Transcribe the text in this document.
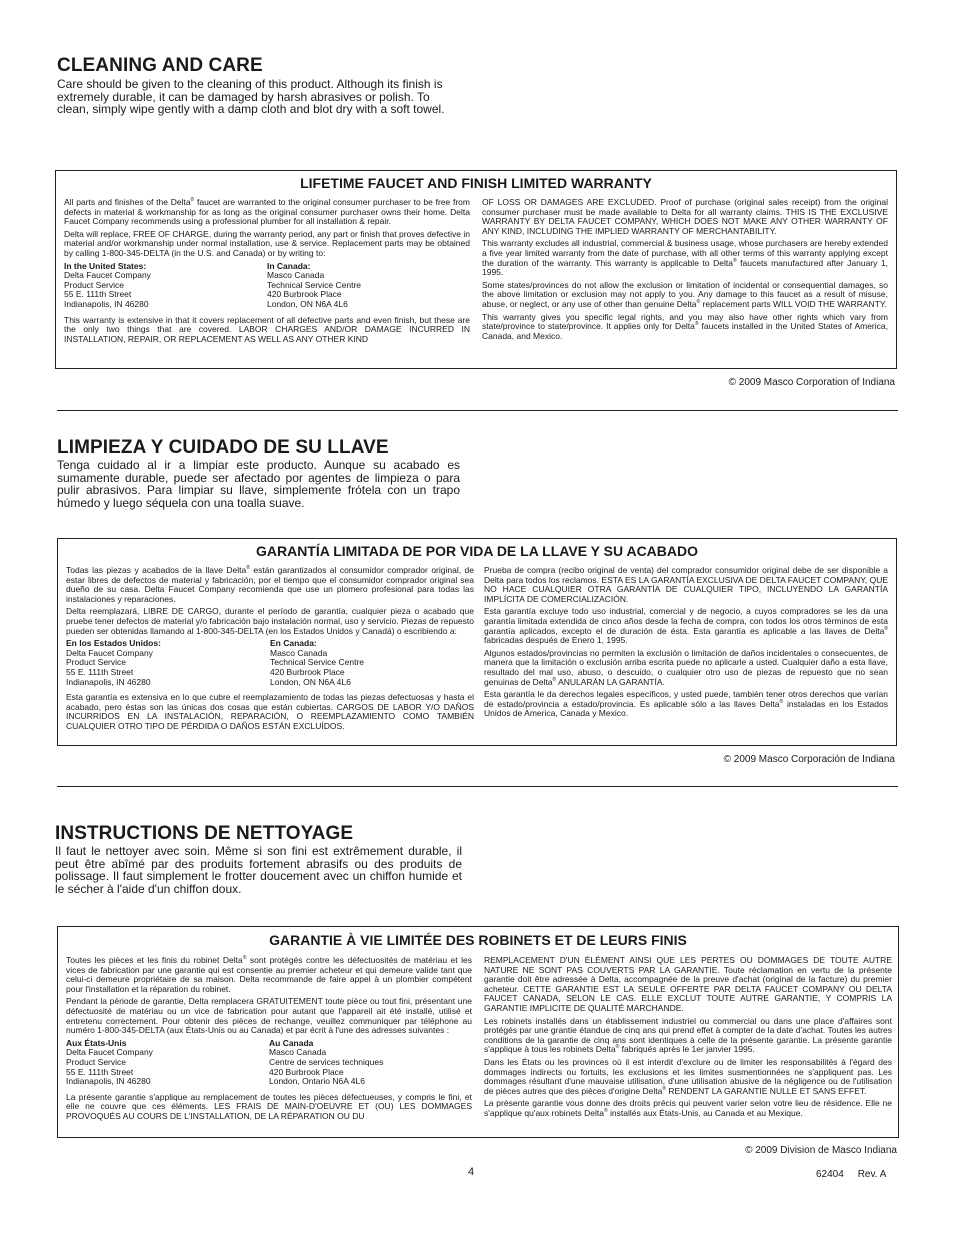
CLEANING AND CARE

Care should be given to the cleaning of this product. Although its finish is extremely durable, it can be damaged by harsh abrasives or polish. To clean, simply wipe gently with a damp cloth and blot dry with a soft towel.

LIFETIME FAUCET AND FINISH LIMITED WARRANTY

All parts and finishes of the Delta® faucet are warranted to the original consumer purchaser to be free from defects in material & workmanship for as long as the original consumer purchaser owns their home. Delta Faucet Company recommends using a professional plumber for all installation & repair.

Delta will replace, FREE OF CHARGE, during the warranty period, any part or finish that proves defective in material and/or workmanship under normal installation, use & service. Replacement parts may be obtained by calling 1-800-345-DELTA (in the U.S. and Canada) or by writing to:

In the United States:
Delta Faucet Company
Product Service
55 E. 111th Street
Indianapolis, IN 46280
In Canada:
Masco Canada
Technical Service Centre
420 Burbrook Place
London, ON N6A 4L6

This warranty is extensive in that it covers replacement of all defective parts and even finish, but these are the only two things that are covered. LABOR CHARGES AND/OR DAMAGE INCURRED IN INSTALLATION, REPAIR, OR REPLACEMENT AS WELL AS ANY OTHER KIND

OF LOSS OR DAMAGES ARE EXCLUDED. Proof of purchase (original sales receipt) from the original consumer purchaser must be made available to Delta for all warranty claims. THIS IS THE EXCLUSIVE WARRANTY BY DELTA FAUCET COMPANY, WHICH DOES NOT MAKE ANY OTHER WARRANTY OF ANY KIND, INCLUDING THE IMPLIED WARRANTY OF MERCHANTABILITY.

This warranty excludes all industrial, commercial & business usage, whose purchasers are hereby extended a five year limited warranty from the date of purchase, with all other terms of this warranty applying except the duration of the warranty. This warranty is applicable to Delta® faucets manufactured after January 1, 1995.

Some states/provinces do not allow the exclusion or limitation of incidental or consequential damages, so the above limitation or exclusion may not apply to you. Any damage to this faucet as a result of misuse, abuse, or neglect, or any use of other than genuine Delta® replacement parts WILL VOID THE WARRANTY.

This warranty gives you specific legal rights, and you may also have other rights which vary from state/province to state/province. It applies only for Delta® faucets installed in the United States of America, Canada, and Mexico.

© 2009 Masco Corporation of Indiana
LIMPIEZA Y CUIDADO DE SU LLAVE

Tenga cuidado al ir a limpiar este producto. Aunque su acabado es sumamente durable, puede ser afectado por agentes de limpieza o para pulir abrasivos. Para limpiar su llave, simplemente frótela con un trapo húmedo y luego séquela con una toalla suave.

GARANTÍA LIMITADA DE POR VIDA DE LA LLAVE Y SU ACABADO

Todas las piezas y acabados de la llave Delta® están garantizados al consumidor comprador original, de estar libres de defectos de material y fabricación, por el tiempo que el consumidor comprador original sea dueño de su casa. Delta Faucet Company recomienda que use un plomero profesional para todas las instalaciones y reparaciones.

Delta reemplazará, LIBRE DE CARGO, durante el período de garantía, cualquier pieza o acabado que pruebe tener defectos de material y/o fabricación bajo instalación normal, uso y servicio. Piezas de repuesto pueden ser obtenidas llamando al 1-800-345-DELTA (en los Estados Unidos y Canadá) o escribiendo a:

En los Estados Unidos:
Delta Faucet Company
Product Service
55 E. 111th Street
Indianapolis, IN 46280
En Canada:
Masco Canada
Technical Service Centre
420 Burbrook Place
London, ON N6A 4L6

Esta garantía es extensiva en lo que cubre el reemplazamiento de todas las piezas defectuosas y hasta el acabado, pero éstas son las únicas dos cosas que están cubiertas. CARGOS DE LABOR Y/O DAÑOS INCURRIDOS EN LA INSTALACIÓN, REPARACIÓN, O REEMPLAZAMIENTO COMO TAMBIÉN CUALQUIER OTRO TIPO DE PÉRDIDA O DAÑOS ESTÁN EXCLUÍDOS.

Prueba de compra (recibo original de venta) del comprador consumidor original debe de ser disponible a Delta para todos los reclamos. ESTA ES LA GARANTÍA EXCLUSIVA DE DELTA FAUCET COMPANY, QUE NO HACE CUALQUIER OTRA GARANTÍA DE CUALQUIER TIPO, INCLUYENDO LA GARANTÍA IMPLÍCITA DE COMERCIALIZACIÓN.

Esta garantía excluye todo uso industrial, comercial y de negocio, a cuyos compradores se les da una garantía limitada extendida de cinco años desde la fecha de compra, con todos los otros términos de esta garantía aplicados, excepto el de duración de ésta. Esta garantía es aplicable a las llaves de Delta® fabricadas después de Enero 1, 1995.

Algunos estados/provincias no permiten la exclusión o limitación de daños incidentales o consecuentes, de manera que la limitación o exclusión arriba escrita puede no aplicarle a usted. Cualquier daño a esta llave, resultado del mal uso, abuso, o descuido, o cualquier otro uso de piezas de repuesto que no sean genuinas de Delta® ANULARÁN LA GARANTÍA.

Esta garantía le da derechos legales específicos, y usted puede, también tener otros derechos que varían de estado/provincia a estado/provincia. Es aplicable sólo a las llaves Delta® instaladas en los Estados Unidos de America, Canada y Mexico.

© 2009 Masco Corporación de Indiana
INSTRUCTIONS DE NETTOYAGE

Il faut le nettoyer avec soin. Même si son fini est extrêmement durable, il peut être abîmé par des produits fortement abrasifs ou des produits de polissage. Il faut simplement le frotter doucement avec un chiffon humide et le sécher à l'aide d'un chiffon doux.

GARANTIE À VIE LIMITÉE DES ROBINETS ET DE LEURS FINIS

Toutes les pièces et les finis du robinet Delta® sont protégés contre les défectuosités de matériau et les vices de fabrication par une garantie qui est consentie au premier acheteur et qui demeure valide tant que celui-ci demeure propriétaire de sa maison. Delta recommande de faire appel à un plombier compétent pour l'installation et la réparation du robinet.

Pendant la période de garantie, Delta remplacera GRATUITEMENT toute pièce ou tout fini, présentant une défectuosité de matériau ou un vice de fabrication pour autant que l'appareil ait été installé, utilisé et entretenu correctement. Pour obtenir des pièces de rechange, veuillez communiquer par téléphone au numéro 1-800-345-DELTA (aux États-Unis ou au Canada) et par écrit à l'une des adresses suivantes :

Aux États-Unis
Delta Faucet Company
Product Service
55 E. 111th Street
Indianapolis, IN 46280
Au Canada
Masco Canada
Centre de services techniques
420 Burbrook Place
London, Ontario N6A 4L6

La présente garantie s'applique au remplacement de toutes les pièces défectueuses, y compris le fini, et elle ne couvre que ces éléments. LES FRAIS DE MAIN-D'OEUVRE ET (OU) LES DOMMAGES PROVOQUÉS AU COURS DE L'INSTALLATION, DE LA RÉPARATION OU DU

REMPLACEMENT D'UN ÉLÉMENT AINSI QUE LES PERTES OU DOMMAGES DE TOUTE AUTRE NATURE NE SONT PAS COUVERTS PAR LA GARANTIE. Toute réclamation en vertu de la présente garantie doit être adressée à Delta, accompagnée de la preuve d'achat (original de la facture) du premier acheteur. CETTE GARANTIE EST LA SEULE OFFERTE PAR DELTA FAUCET COMPANY OU DELTA FAUCET CANADA, SELON LE CAS. ELLE EXCLUT TOUTE AUTRE GARANTIE, Y COMPRIS LA GARANTIE IMPLICITE DE QUALITÉ MARCHANDE.

Les robinets installés dans un établissement industriel ou commercial ou dans une place d'affaires sont protégés par une grantie étandue de cinq ans qui prend effet à compter de la date d'achat. Toutes les autres conditions de la garantie de cinq ans sont identiques à celle de la présente garantie. La présente garantie s'applique à tous les robinets Delta® fabriqués après le 1er janvier 1995.

Dans les États ou les provinces où il est interdit d'exclure ou de limiter les responsabilités à l'égard des dommages indirects ou fortuits, les exclusions et les limites susmentionnées ne s'appliquent pas. Les dommages résultant d'une mauvaise utilisation, d'une utilisation abusive de la négligence ou de l'utilisation de pièces autres que des pièces d'origine Delta® RENDENT LA GARANTIE NULLE ET SANS EFFET.

La présente garantie vous donne des droits précis qui peuvent varier selon votre lieu de résidence. Elle ne s'applique qu'aux robinets Delta® installés aux États-Unis, au Canada et au Mexique.

© 2009 Division de Masco Indiana
4	62404     Rev. A
